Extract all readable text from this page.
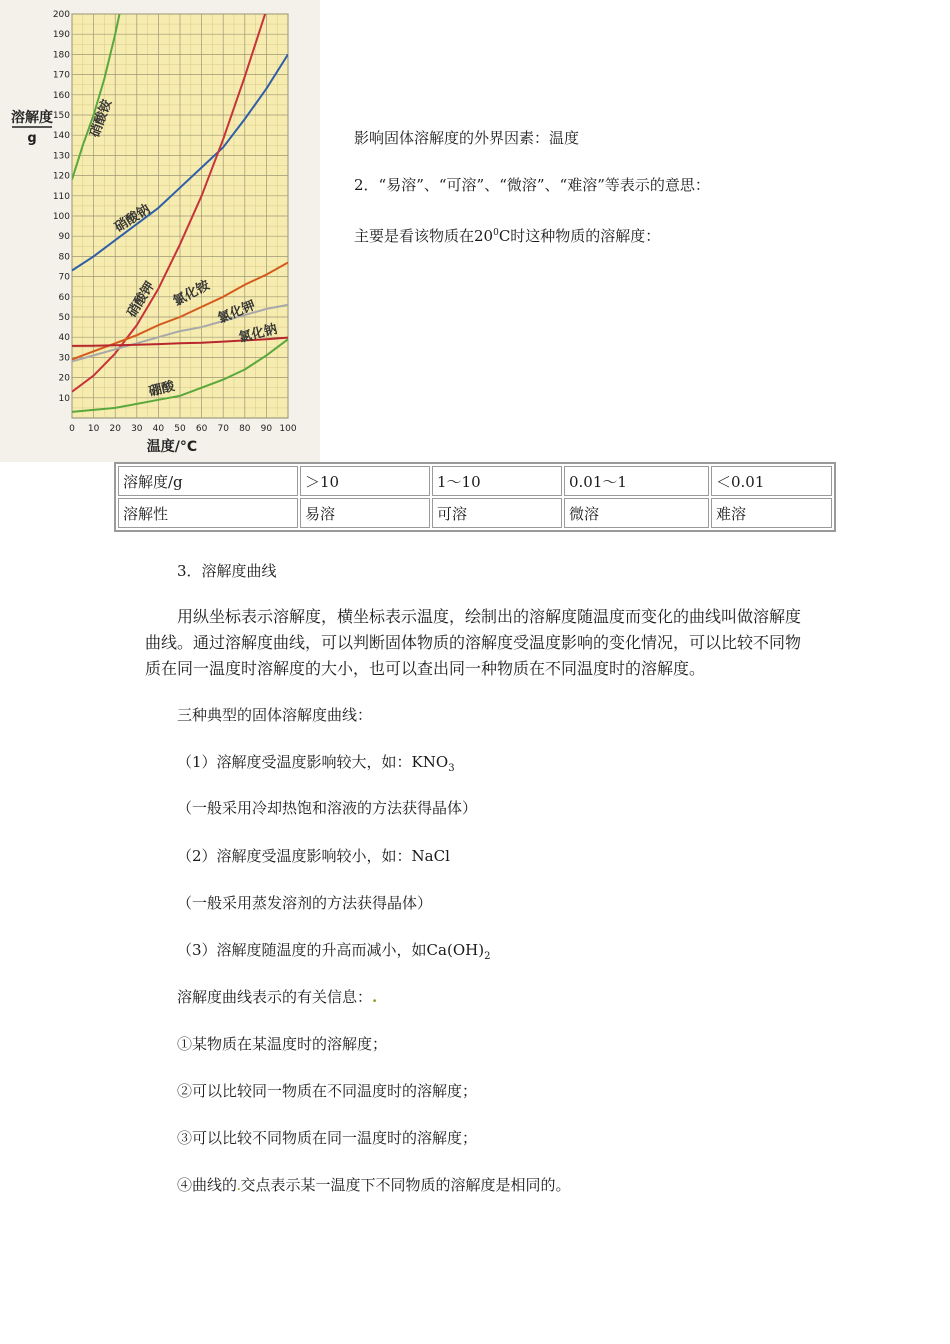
0 10 20 30 40 50 60 70 80 90 100
10
20
30
40
50
60
70
80
90
100
110
120
130
140
150
160
170
180
190
200
溶解度
g
温度/°C
硝酸铵
硝酸钠
硝酸钾 氯化铵
氯化钾
氯化钠
硼酸
影响固体溶解度的外界因素：温度
2．“易溶”、“可溶”、“微溶”、“难溶”等表示的意思：
主要是看该物质在$20^0C$时这种物质的溶解度：
溶解度/g	＞10	1～10	0.01～1	＜0.01
溶解性	易溶	可溶	微溶	难溶
3．溶解度曲线
用纵坐标表示溶解度，横坐标表示温度，绘制出的溶解度随温度而变化的曲线叫做溶解度曲线。通过溶解度曲线，可以判断固体物质的溶解度受温度影响的变化情况，可以比较不同物质在同一温度时溶解度的大小，也可以查出同一种物质在不同温度时的溶解度。
三种典型的固体溶解度曲线：
（1）溶解度受温度影响较大，如：$KNO_3$
（一般采用冷却热饱和溶液的方法获得晶体）
（2）溶解度受温度影响较小，如：NaCl
（一般采用蒸发溶剂的方法获得晶体）
（3）溶解度随温度的升高而减小，如$Ca(OH)_2$
溶解度曲线表示的有关信息：.
①某物质在某温度时的溶解度；
②可以比较同一物质在不同温度时的溶解度；
③可以比较不同物质在同一温度时的溶解度；
④曲线的.交点表示某一温度下不同物质的溶解度是相同的。
